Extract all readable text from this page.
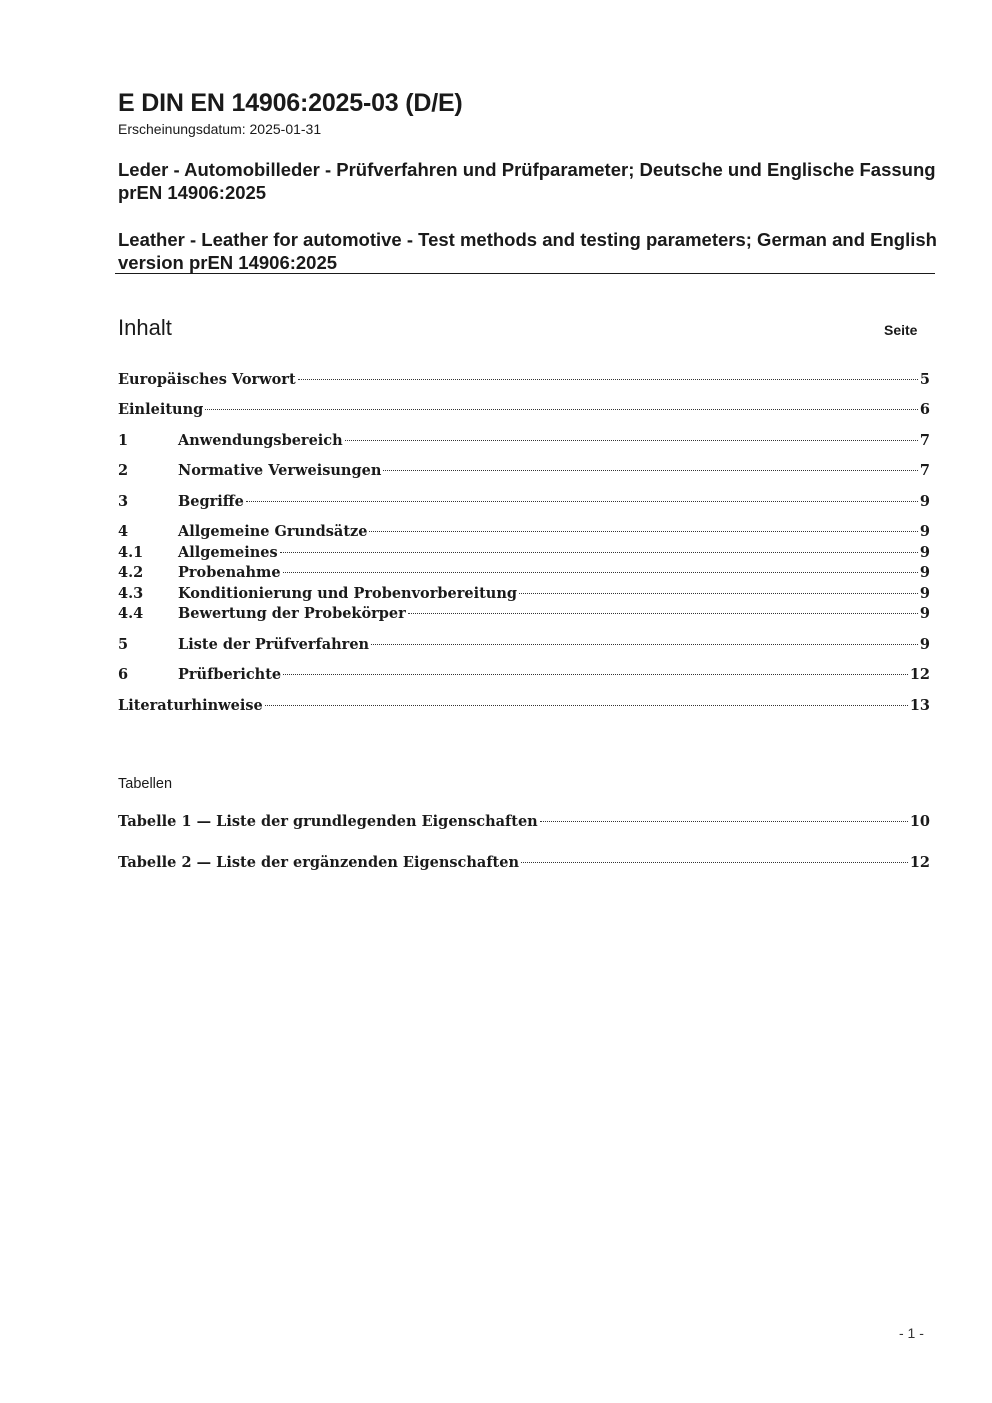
E DIN EN 14906:2025-03 (D/E)
Erscheinungsdatum: 2025-01-31
Leder - Automobilleder - Prüfverfahren und Prüfparameter; Deutsche und Englische Fassung prEN 14906:2025
Leather - Leather for automotive - Test methods and testing parameters; German and English version prEN 14906:2025
Inhalt	Seite
Europäisches Vorwort	5
Einleitung	6
1	Anwendungsbereich	7
2	Normative Verweisungen	7
3	Begriffe	9
4	Allgemeine Grundsätze	9
4.1	Allgemeines	9
4.2	Probenahme	9
4.3	Konditionierung und Probenvorbereitung	9
4.4	Bewertung der Probekörper	9
5	Liste der Prüfverfahren	9
6	Prüfberichte	12
Literaturhinweise	13
Tabellen
Tabelle 1 — Liste der grundlegenden Eigenschaften	10
Tabelle 2 — Liste der ergänzenden Eigenschaften	12
- 1 -
